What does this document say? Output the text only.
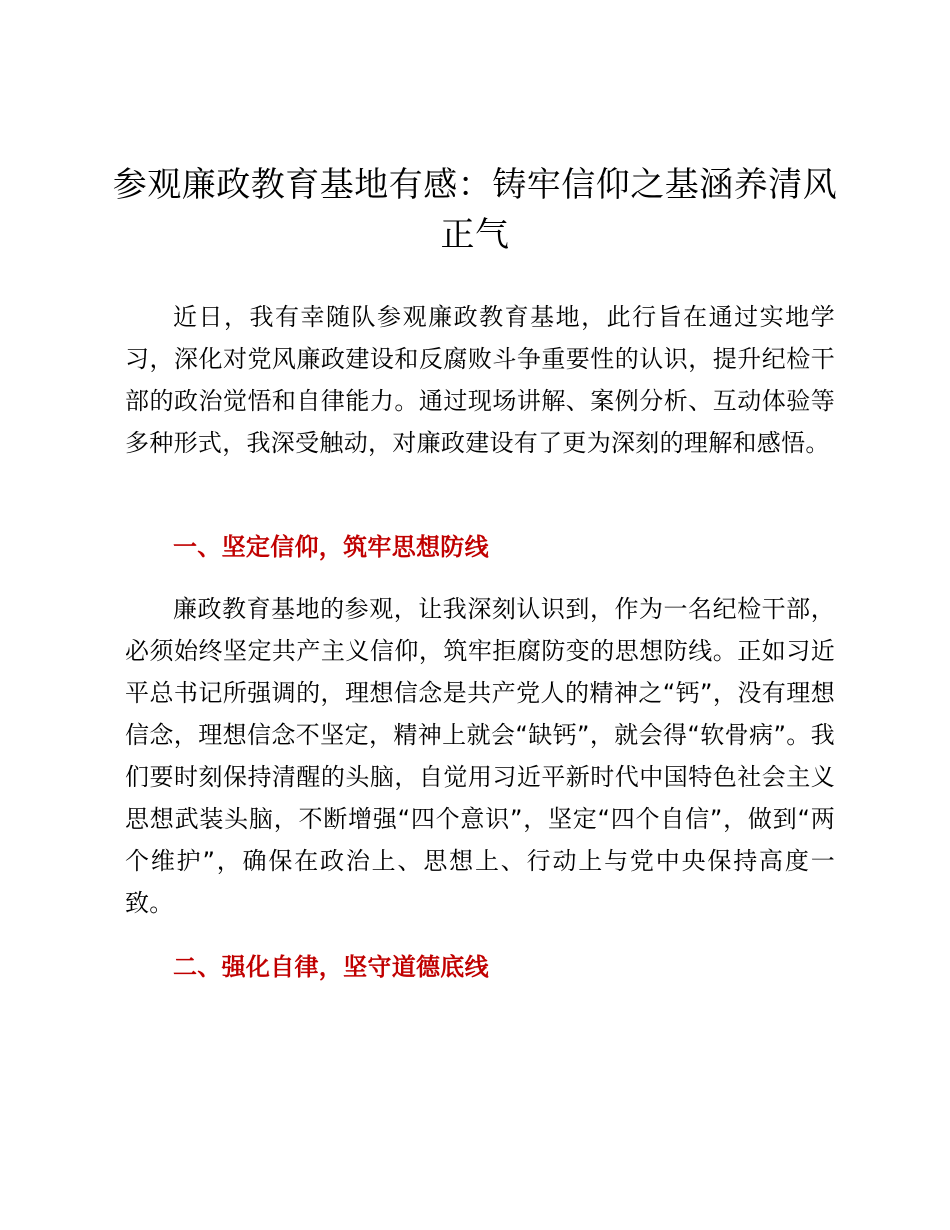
参观廉政教育基地有感：铸牢信仰之基涵养清风正气

近日，我有幸随队参观廉政教育基地，此行旨在通过实地学习，深化对党风廉政建设和反腐败斗争重要性的认识，提升纪检干部的政治觉悟和自律能力。通过现场讲解、案例分析、互动体验等多种形式，我深受触动，对廉政建设有了更为深刻的理解和感悟。

一、坚定信仰，筑牢思想防线

廉政教育基地的参观，让我深刻认识到，作为一名纪检干部，必须始终坚定共产主义信仰，筑牢拒腐防变的思想防线。正如习近平总书记所强调的，理想信念是共产党人的精神之“钙”，没有理想信念，理想信念不坚定，精神上就会“缺钙”，就会得“软骨病”。我们要时刻保持清醒的头脑，自觉用习近平新时代中国特色社会主义思想武装头脑，不断增强“四个意识”，坚定“四个自信”，做到“两个维护”，确保在政治上、思想上、行动上与党中央保持高度一致。

二、强化自律，坚守道德底线
